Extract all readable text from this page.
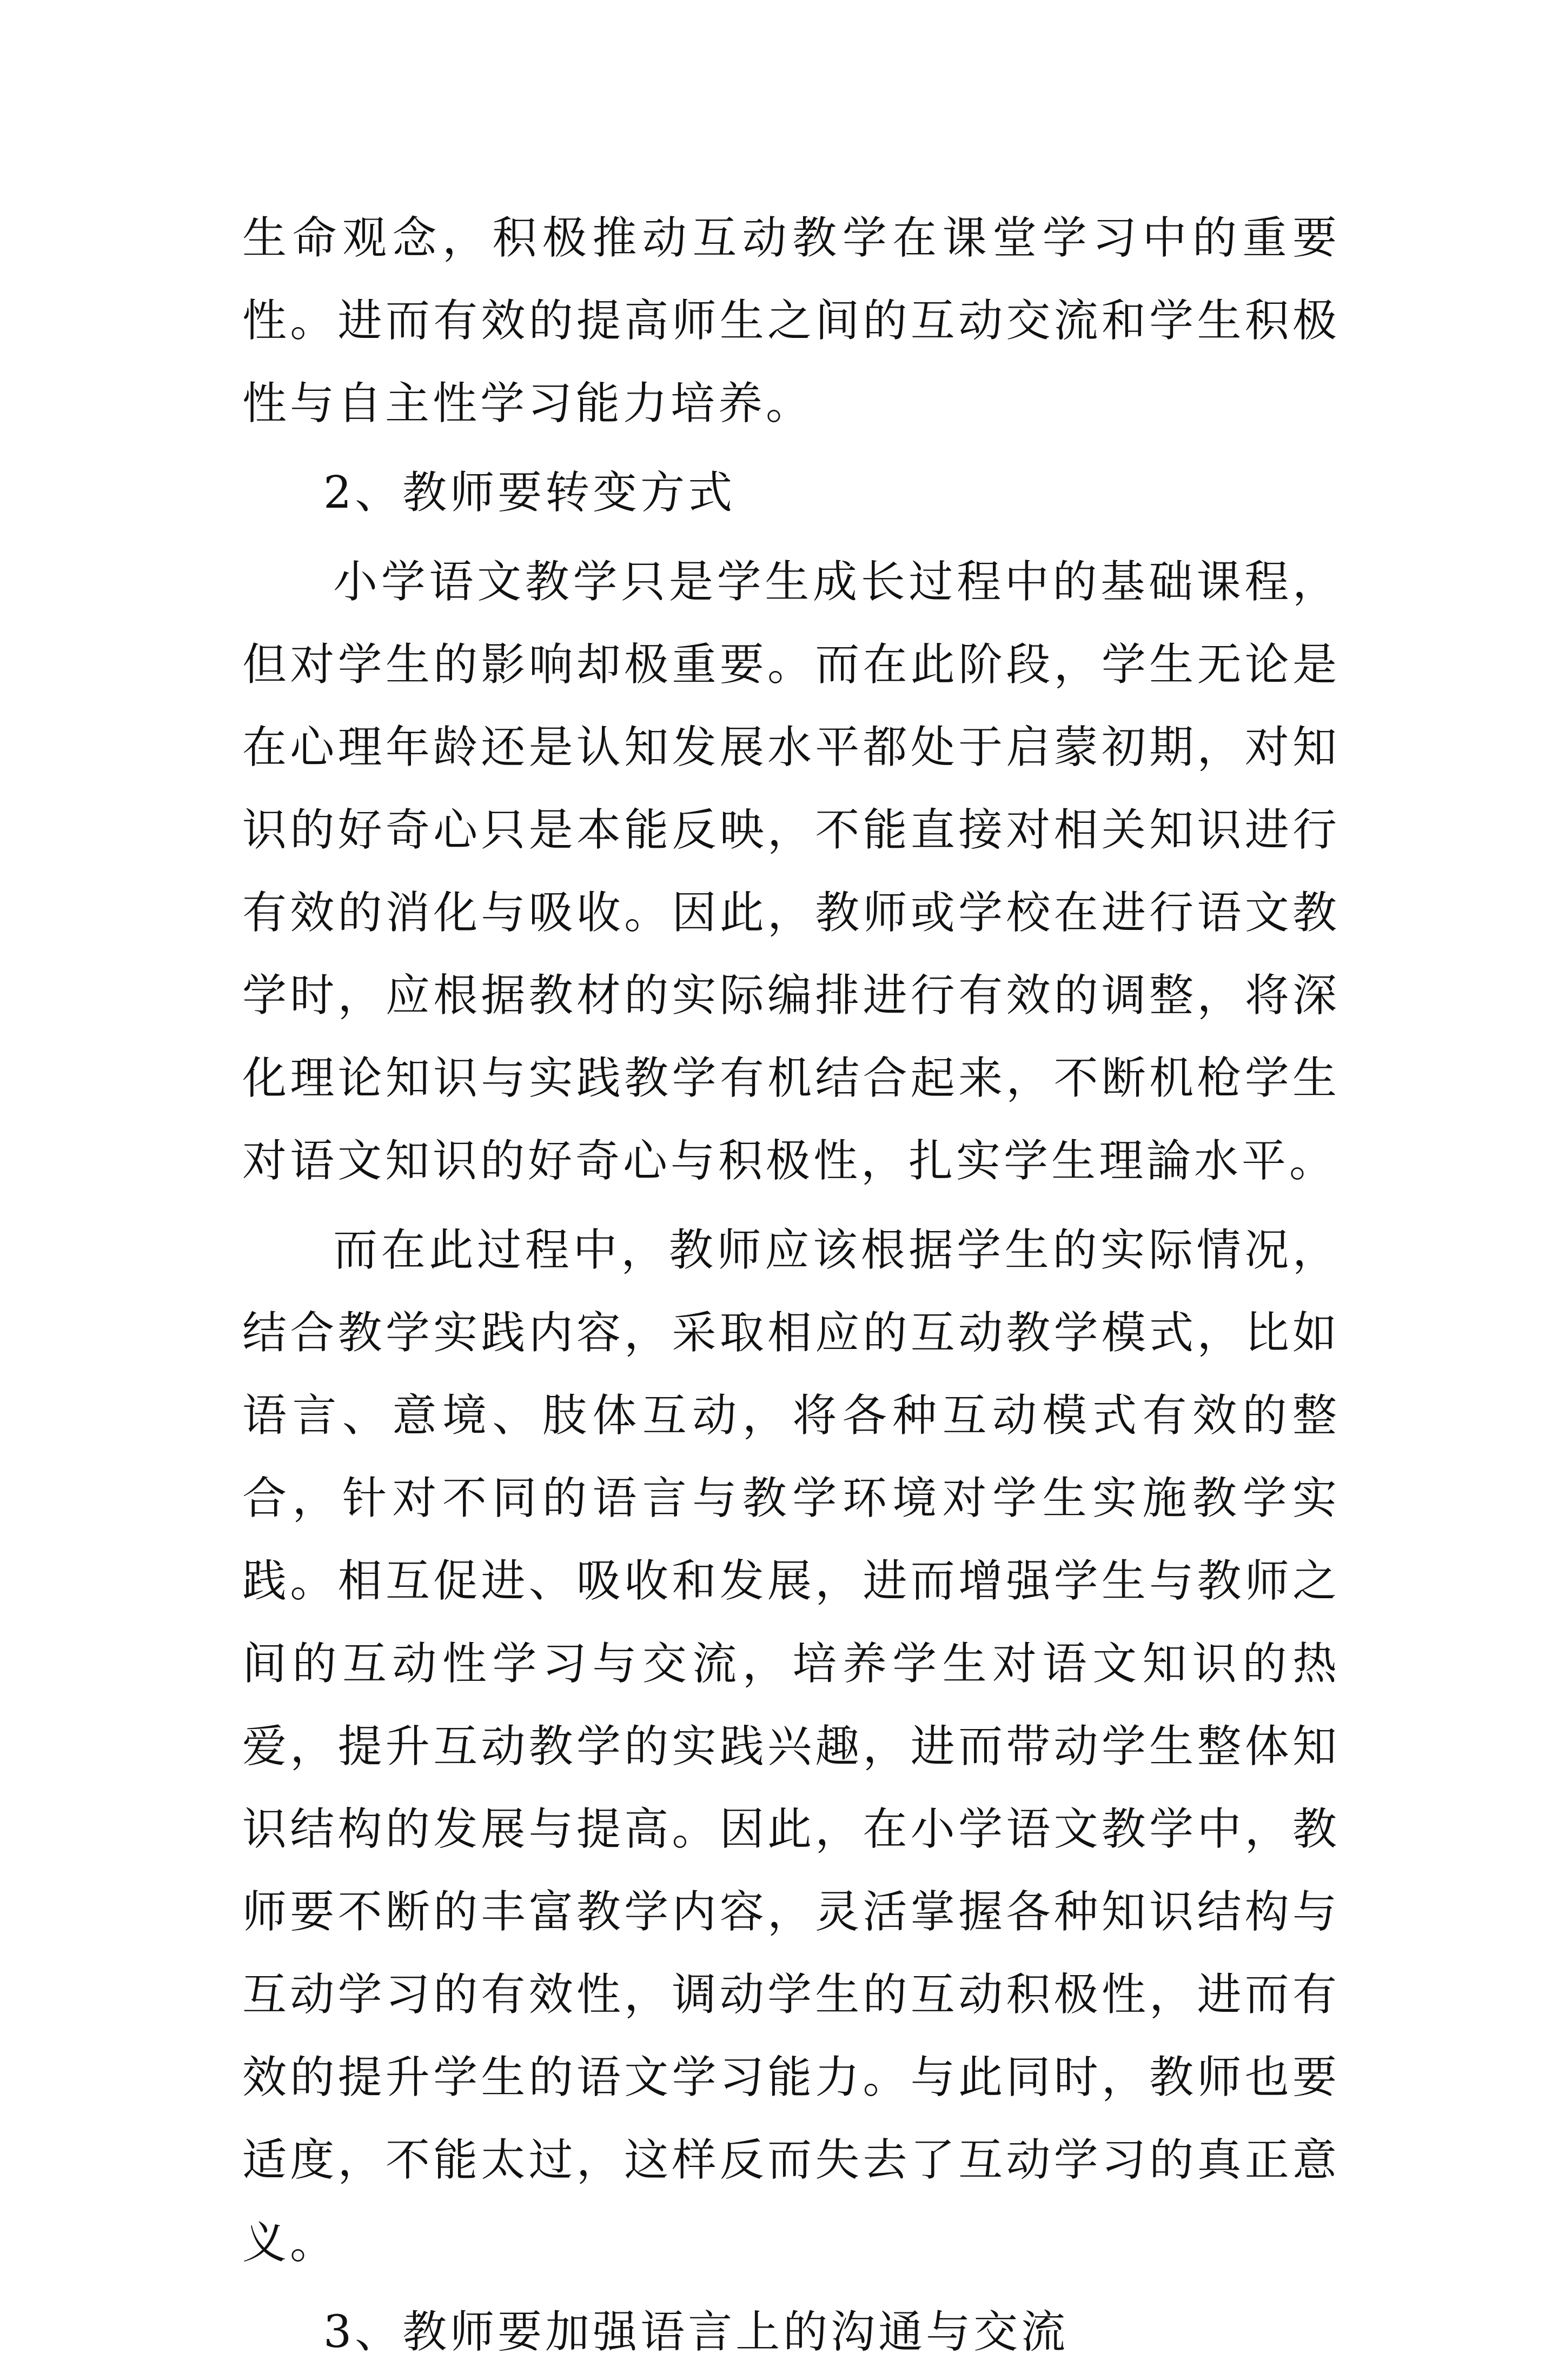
生命观念，积极推动互动教学在课堂学习中的重要性。进而有效的提高师生之间的互动交流和学生积极性与自主性学习能力培养。

2、教师要转变方式

小学语文教学只是学生成长过程中的基础课程，但对学生的影响却极重要。而在此阶段，学生无论是在心理年龄还是认知发展水平都处于启蒙初期，对知识的好奇心只是本能反映，不能直接对相关知识进行有效的消化与吸收。因此，教师或学校在进行语文教学时，应根据教材的实际编排进行有效的调整，将深化理论知识与实践教学有机结合起来，不断机枪学生对语文知识的好奇心与积极性，扎实学生理論水平。

而在此过程中，教师应该根据学生的实际情况，结合教学实践内容，采取相应的互动教学模式，比如语言、意境、肢体互动，将各种互动模式有效的整合，针对不同的语言与教学环境对学生实施教学实践。相互促进、吸收和发展，进而增强学生与教师之间的互动性学习与交流，培养学生对语文知识的热爱，提升互动教学的实践兴趣，进而带动学生整体知识结构的发展与提高。因此，在小学语文教学中，教师要不断的丰富教学内容，灵活掌握各种知识结构与互动学习的有效性，调动学生的互动积极性，进而有效的提升学生的语文学习能力。与此同时，教师也要适度，不能太过，这样反而失去了互动学习的真正意义。

3、教师要加强语言上的沟通与交流
